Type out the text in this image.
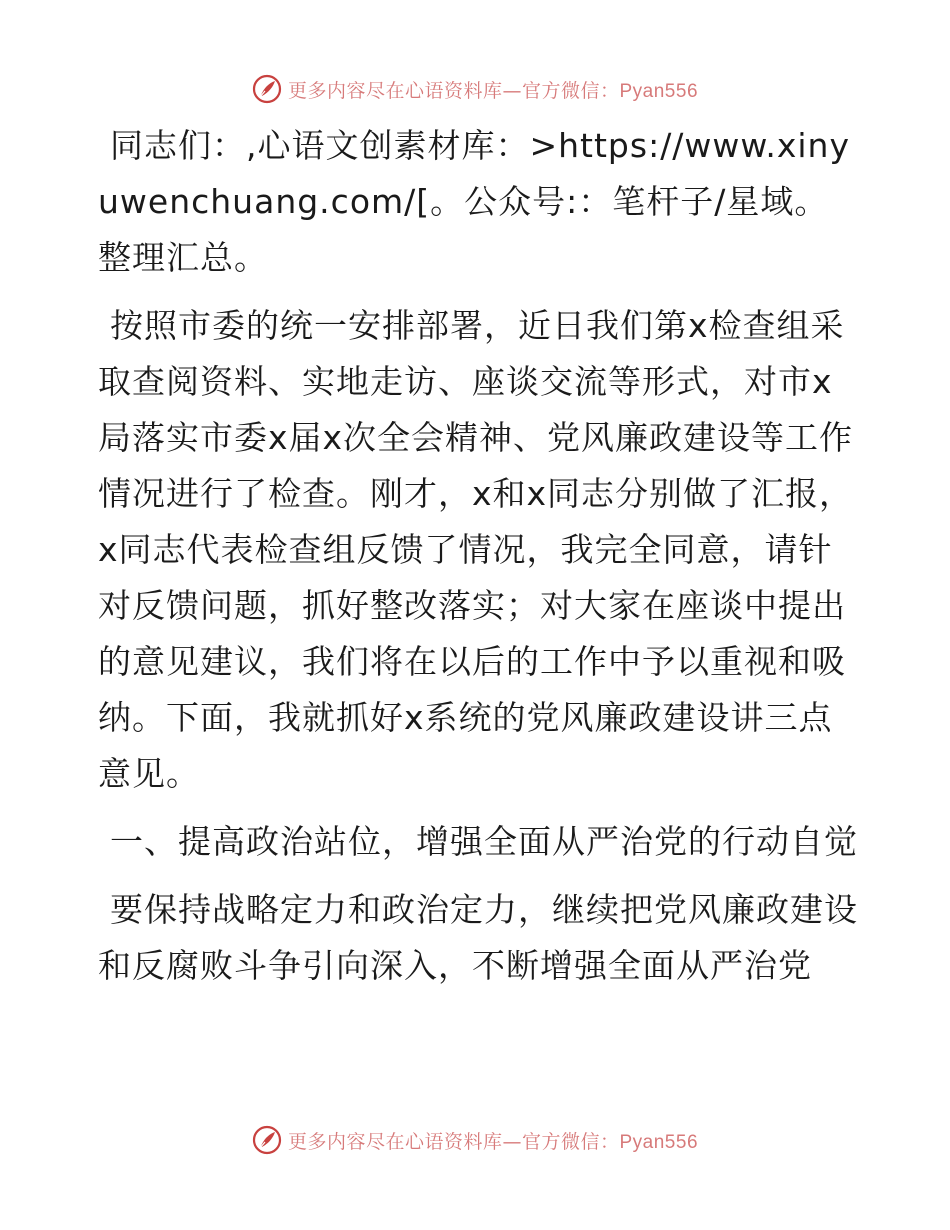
更多内容尽在心语资料库—官方微信：Pyan556

同志们：,心语文创素材库：>https://www.xinyuwenchuang.com/[。公众号:：笔杆子/星域。整理汇总。

按照市委的统一安排部署，近日我们第x检查组采取查阅资料、实地走访、座谈交流等形式，对市x局落实市委x届x次全会精神、党风廉政建设等工作情况进行了检查。刚才，x和x同志分别做了汇报，x同志代表检查组反馈了情况，我完全同意，请针对反馈问题，抓好整改落实；对大家在座谈中提出的意见建议，我们将在以后的工作中予以重视和吸纳。下面，我就抓好x系统的党风廉政建设讲三点意见。

一、提高政治站位，增强全面从严治党的行动自觉

要保持战略定力和政治定力，继续把党风廉政建设和反腐败斗争引向深入，不断增强全面从严治党

更多内容尽在心语资料库—官方微信：Pyan556
